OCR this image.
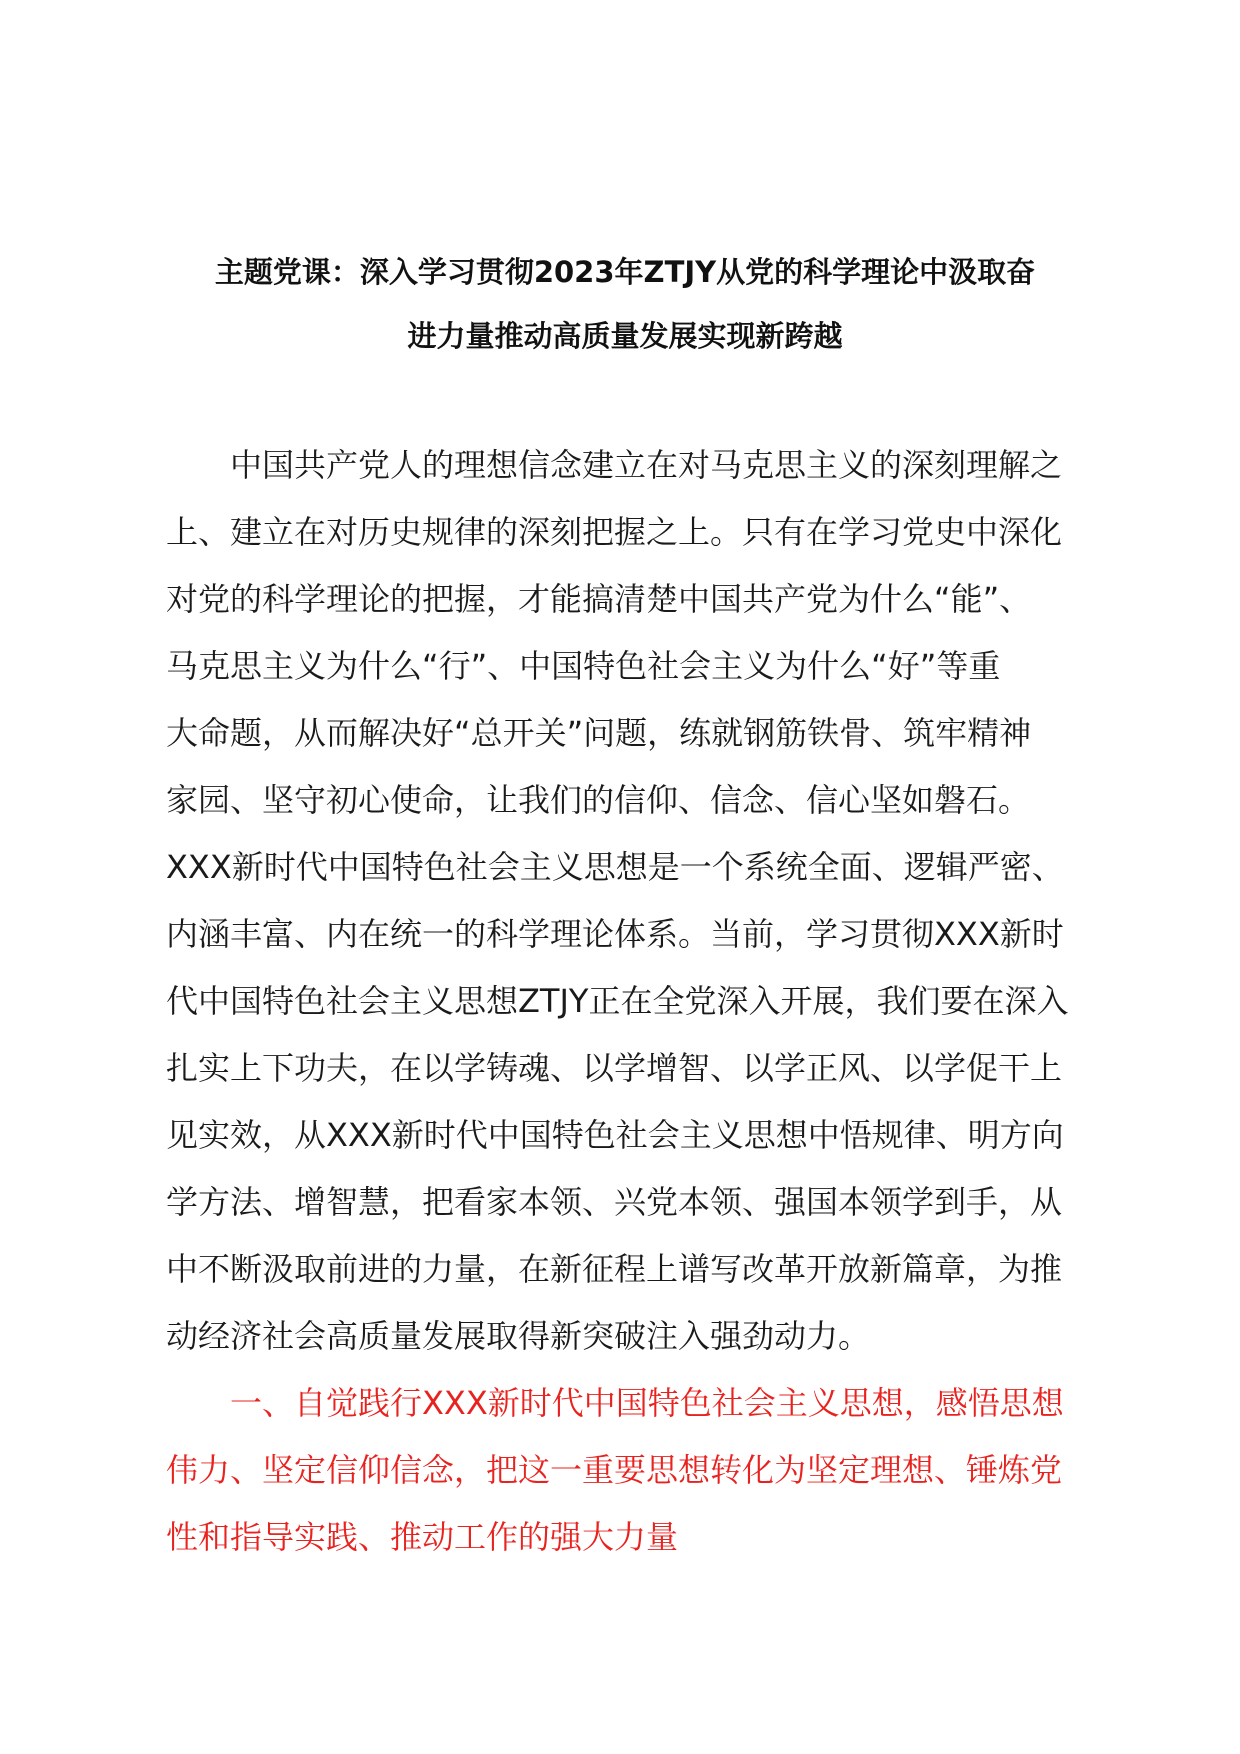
主题党课：深入学习贯彻2023年ZTJY从党的科学理论中汲取奋
进力量推动高质量发展实现新跨越
中国共产党人的理想信念建立在对马克思主义的深刻理解之
上、建立在对历史规律的深刻把握之上。只有在学习党史中深化
对党的科学理论的把握，才能搞清楚中国共产党为什么“能”、
马克思主义为什么“行”、中国特色社会主义为什么“好”等重
大命题，从而解决好“总开关”问题，练就钢筋铁骨、筑牢精神
家园、坚守初心使命，让我们的信仰、信念、信心坚如磐石。
XXX新时代中国特色社会主义思想是一个系统全面、逻辑严密、
内涵丰富、内在统一的科学理论体系。当前，学习贯彻XXX新时
代中国特色社会主义思想ZTJY正在全党深入开展，我们要在深入
扎实上下功夫，在以学铸魂、以学增智、以学正风、以学促干上
见实效，从XXX新时代中国特色社会主义思想中悟规律、明方向
学方法、增智慧，把看家本领、兴党本领、强国本领学到手，从
中不断汲取前进的力量，在新征程上谱写改革开放新篇章，为推
动经济社会高质量发展取得新突破注入强劲动力。
一、自觉践行XXX新时代中国特色社会主义思想，感悟思想
伟力、坚定信仰信念，把这一重要思想转化为坚定理想、锤炼党
性和指导实践、推动工作的强大力量
